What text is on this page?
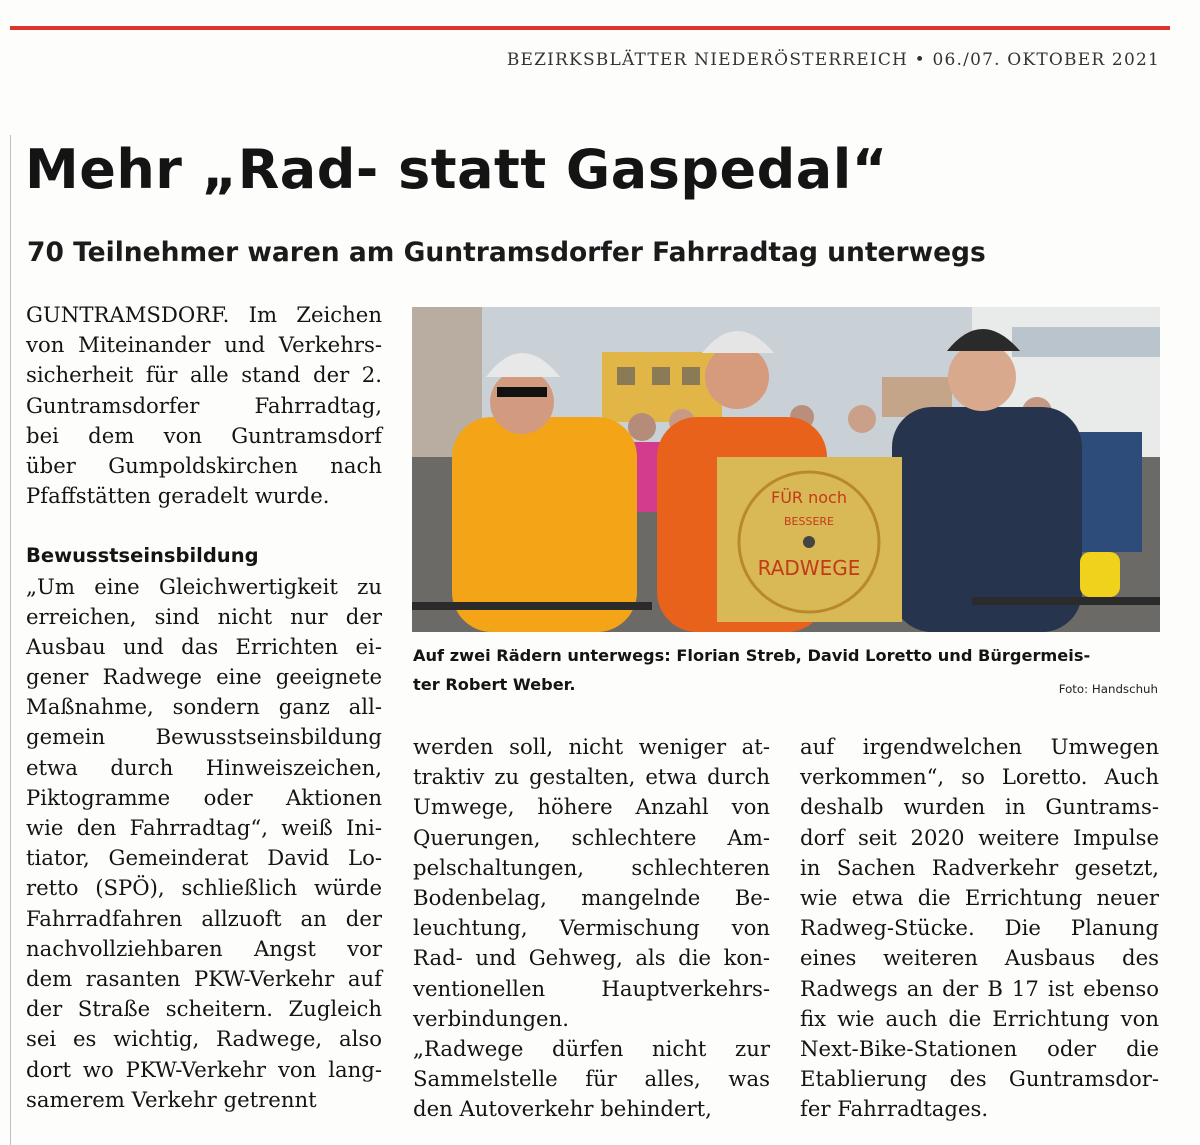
BEZIRKSBLÄTTER NIEDERÖSTERREICH • 06./07. OKTOBER 2021
Mehr „Rad- statt Gaspedal“
70 Teilnehmer waren am Guntramsdorfer Fahrradtag unterwegs
GUNTRAMSDORF. Im Zeichen
von Miteinander und Verkehrs-
sicherheit für alle stand der 2.
Guntramsdorfer Fahrradtag,
bei dem von Guntramsdorf
über Gumpoldskirchen nach
Pfaffstätten geradelt wurde.
Bewusstseinsbildung
„Um eine Gleichwertigkeit zu
erreichen, sind nicht nur der
Ausbau und das Errichten ei-
gener Radwege eine geeignete
Maßnahme, sondern ganz all-
gemein Bewusstseinsbildung
etwa durch Hinweiszeichen,
Piktogramme oder Aktionen
wie den Fahrradtag“, weiß Ini-
tiator, Gemeinderat David Lo-
retto (SPÖ), schließlich würde
Fahrradfahren allzuoft an der
nachvollziehbaren Angst vor
dem rasanten PKW-Verkehr auf
der Straße scheitern. Zugleich
sei es wichtig, Radwege, also
dort wo PKW-Verkehr von lang-
samerem Verkehr getrennt
FÜR noch
BESSERE
RADWEGE
Auf zwei Rädern unterwegs: Florian Streb, David Loretto und Bürgermeis-
ter Robert Weber.	Foto: Handschuh
werden soll, nicht weniger at-
traktiv zu gestalten, etwa durch
Umwege, höhere Anzahl von
Querungen, schlechtere Am-
pelschaltungen, schlechteren
Bodenbelag, mangelnde Be-
leuchtung, Vermischung von
Rad- und Gehweg, als die kon-
ventionellen Hauptverkehrs-
verbindungen.
„Radwege dürfen nicht zur
Sammelstelle für alles, was
den Autoverkehr behindert,
auf irgendwelchen Umwegen
verkommen“, so Loretto. Auch
deshalb wurden in Guntrams-
dorf seit 2020 weitere Impulse
in Sachen Radverkehr gesetzt,
wie etwa die Errichtung neuer
Radweg-Stücke. Die Planung
eines weiteren Ausbaus des
Radwegs an der B 17 ist ebenso
fix wie auch die Errichtung von
Next-Bike-Stationen oder die
Etablierung des Guntramsdor-
fer Fahrradtages.
